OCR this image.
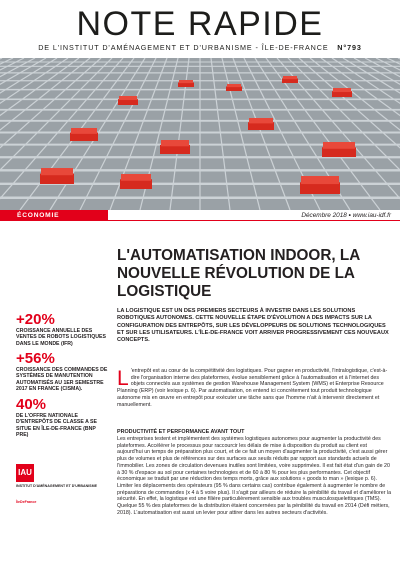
NOTE RAPIDE
DE L'INSTITUT D'AMÉNAGEMENT ET D'URBANISME - ÎLE-DE-FRANCE N°793
ÉCONOMIE	Décembre 2018 • www.iau-idf.fr
+20%
CROISSANCE ANNUELLE DES VENTES DE ROBOTS LOGISTIQUES DANS LE MONDE (IFR)
+56%
CROISSANCE DES COMMANDES DE SYSTÈMES DE MANUTENTION AUTOMATISÉS AU 1ER SEMESTRE 2017 EN FRANCE (CISMA).
40%
DE L'OFFRE NATIONALE D'ENTREPÔTS DE CLASSE A SE SITUE EN ÎLE-DE-FRANCE (BNP PRE)
IAU
INSTITUT D'AMÉNAGEMENT ET D'URBANISME
ÎleDeFrance
L'AUTOMATISATION INDOOR, LA NOUVELLE RÉVOLUTION DE LA LOGISTIQUE

LA LOGISTIQUE EST UN DES PREMIERS SECTEURS À INVESTIR DANS LES SOLUTIONS ROBOTIQUES AUTONOMES. CETTE NOUVELLE ÉTAPE D'ÉVOLUTION A DES IMPACTS SUR LA CONFIGURATION DES ENTREPÔTS, SUR LES DÉVELOPPEURS DE SOLUTIONS TECHNOLOGIQUES ET SUR LES UTILISATEURS. L'ÎLE-DE-FRANCE VOIT ARRIVER PROGRESSIVEMENT CES NOUVEAUX CONCEPTS.

L 'entrepôt est au cœur de la compétitivité des logistiques. Pour gagner en productivité, l'intralogistique, c'est-à-dire l'organisation interne des plateformes, évolue sensiblement grâce à l'automatisation et à l'internet des objets connectés aux systèmes de gestion Warehouse Management System (WMS) et Enterprise Resource Planning (ERP) (voir lexique p. 6). Par automatisation, on entend ici concrètement tout produit technologique autonome mis en œuvre en entrepôt pour exécuter une tâche sans que l'homme n'ait à intervenir directement et manuellement.

PRODUCTIVITÉ ET PERFORMANCE AVANT TOUT

Les entreprises testent et implémentent des systèmes logistiques autonomes pour augmenter la productivité des plateformes. Accélérer le processus pour raccourcir les délais de mise à disposition du produit au client est aujourd'hui un temps de préparation plus court, et de ce fait un moyen d'augmenter la productivité, c'est aussi gérer plus de volumes et plus de références sur des surfaces aux seuils réduits par rapport aux standards actuels de l'immobilier. Les zones de circulation devenues inutiles sont limitées, voire supprimées. Il est fait état d'un gain de 20 à 30 % d'espace au sol pour certaines technologies et de 60 à 80 % pour les plus performantes. Cet objectif économique se traduit par une réduction des temps morts, grâce aux solutions « goods to man » (lexique p. 6). Limiter les déplacements des opérateurs (95 % dans certains cas) contribue également à augmenter le nombre de préparations de commandes (x 4 à 5 voire plus). Il s'agit par ailleurs de réduire la pénibilité du travail et d'améliorer la sécurité. En effet, la logistique est une filière particulièrement sensible aux troubles musculosquelettiques (TMS). Quelque 55 % des plateformes de la distribution étaient concernées par la pénibilité du travail en 2014 (Défi métiers, 2018). L'automatisation est aussi un levier pour attirer dans les autres secteurs d'activités.
